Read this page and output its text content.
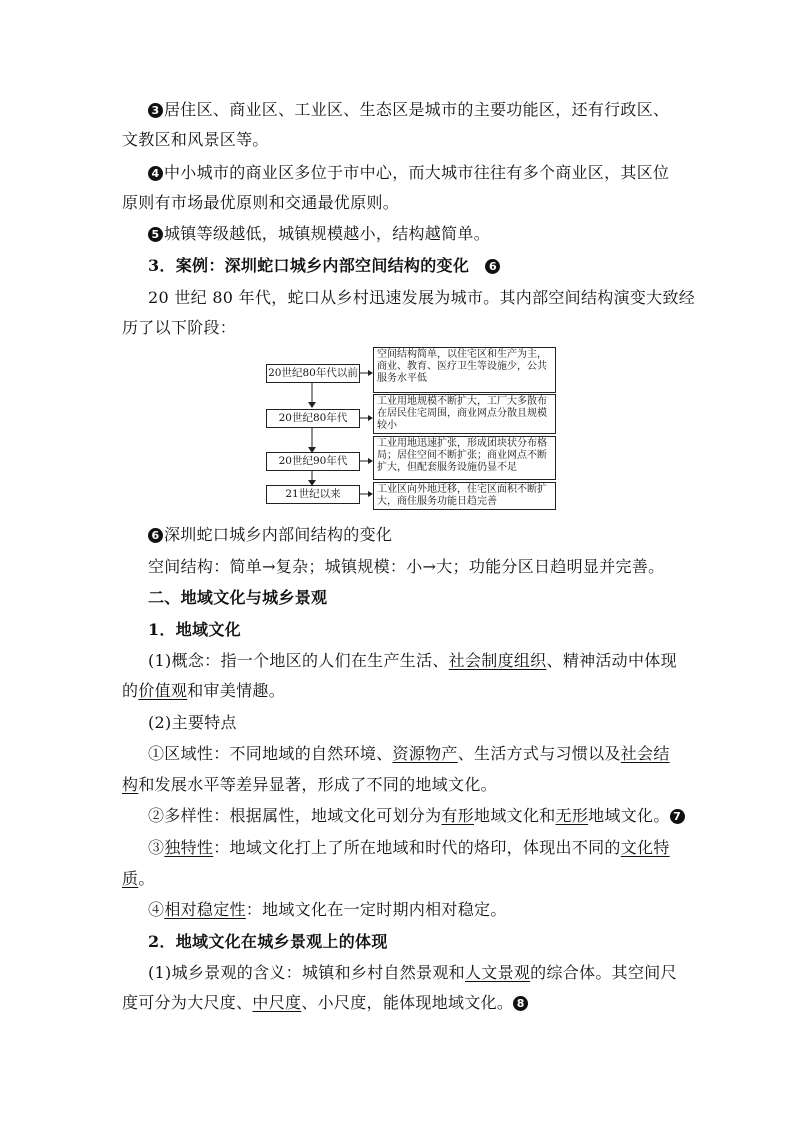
3 居住区、商业区、工业区、生态区是城市的主要功能区，还有行政区、
文教区和风景区等。
4 中小城市的商业区多位于市中心，而大城市往往有多个商业区，其区位
原则有市场最优原则和交通最优原则。
5 城镇等级越低，城镇规模越小，结构越简单。
3．案例：深圳蛇口城乡内部空间结构的变化　6
20 世纪 80 年代，蛇口从乡村迅速发展为城市。其内部空间结构演变大致经
历了以下阶段：
6 深圳蛇口城乡内部间结构的变化
空间结构：简单→复杂；城镇规模：小→大；功能分区日趋明显并完善。
二、地域文化与城乡景观
1．地域文化
(1)概念：指一个地区的人们在生产生活、社会制度组织、精神活动中体现
的价值观和审美情趣。
(2)主要特点
①区域性：不同地域的自然环境、资源物产、生活方式与习惯以及社会结
构和发展水平等差异显著，形成了不同的地域文化。
②多样性：根据属性，地域文化可划分为有形地域文化和无形地域文化。 7
③独特性：地域文化打上了所在地域和时代的烙印，体现出不同的文化特
质。
④相对稳定性：地域文化在一定时期内相对稳定。
2．地域文化在城乡景观上的体现
(1)城乡景观的含义：城镇和乡村自然景观和人文景观的综合体。其空间尺
度可分为大尺度、中尺度、小尺度，能体现地域文化。 8
20世纪80年代以前
20世纪80年代
20世纪90年代
21世纪以来
空间结构简单，以住宅区和生产为主，商业、教育、医疗卫生等设施少，公共服务水平低
工业用地规模不断扩大，工厂大多散布在居民住宅周围，商业网点分散且规模较小
工业用地迅速扩张，形成团块状分布格局；居住空间不断扩张；商业网点不断扩大，但配套服务设施仍显不足
工业区向外地迁移，住宅区面积不断扩大，商住服务功能日趋完善
